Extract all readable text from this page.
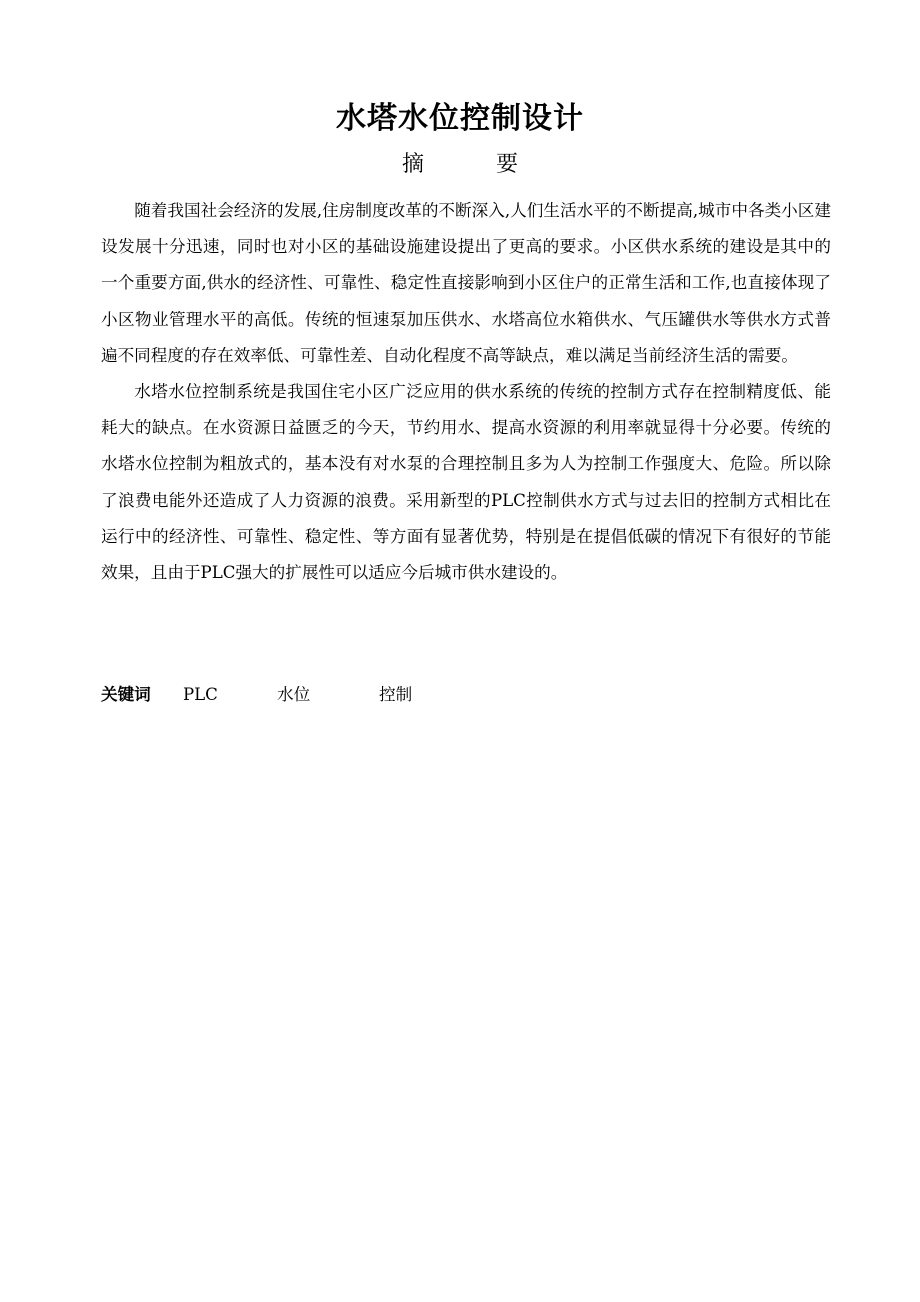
水塔水位控制设计
摘要

随着我国社会经济的发展,住房制度改革的不断深入,人们生活水平的不断提高,城市中各类小区建设发展十分迅速，同时也对小区的基础设施建设提出了更高的要求。小区供水系统的建设是其中的一个重要方面,供水的经济性、可靠性、稳定性直接影响到小区住户的正常生活和工作,也直接体现了小区物业管理水平的高低。传统的恒速泵加压供水、水塔高位水箱供水、气压罐供水等供水方式普遍不同程度的存在效率低、可靠性差、自动化程度不高等缺点，难以满足当前经济生活的需要。

水塔水位控制系统是我国住宅小区广泛应用的供水系统的传统的控制方式存在控制精度低、能耗大的缺点。在水资源日益匮乏的今天，节约用水、提高水资源的利用率就显得十分必要。传统的水塔水位控制为粗放式的，基本没有对水泵的合理控制且多为人为控制工作强度大、危险。所以除了浪费电能外还造成了人力资源的浪费。采用新型的PLC控制供水方式与过去旧的控制方式相比在运行中的经济性、可靠性、稳定性、等方面有显著优势，特别是在提倡低碳的情况下有很好的节能效果，且由于PLC强大的扩展性可以适应今后城市供水建设的。

关键词 PLC	水位	控制
